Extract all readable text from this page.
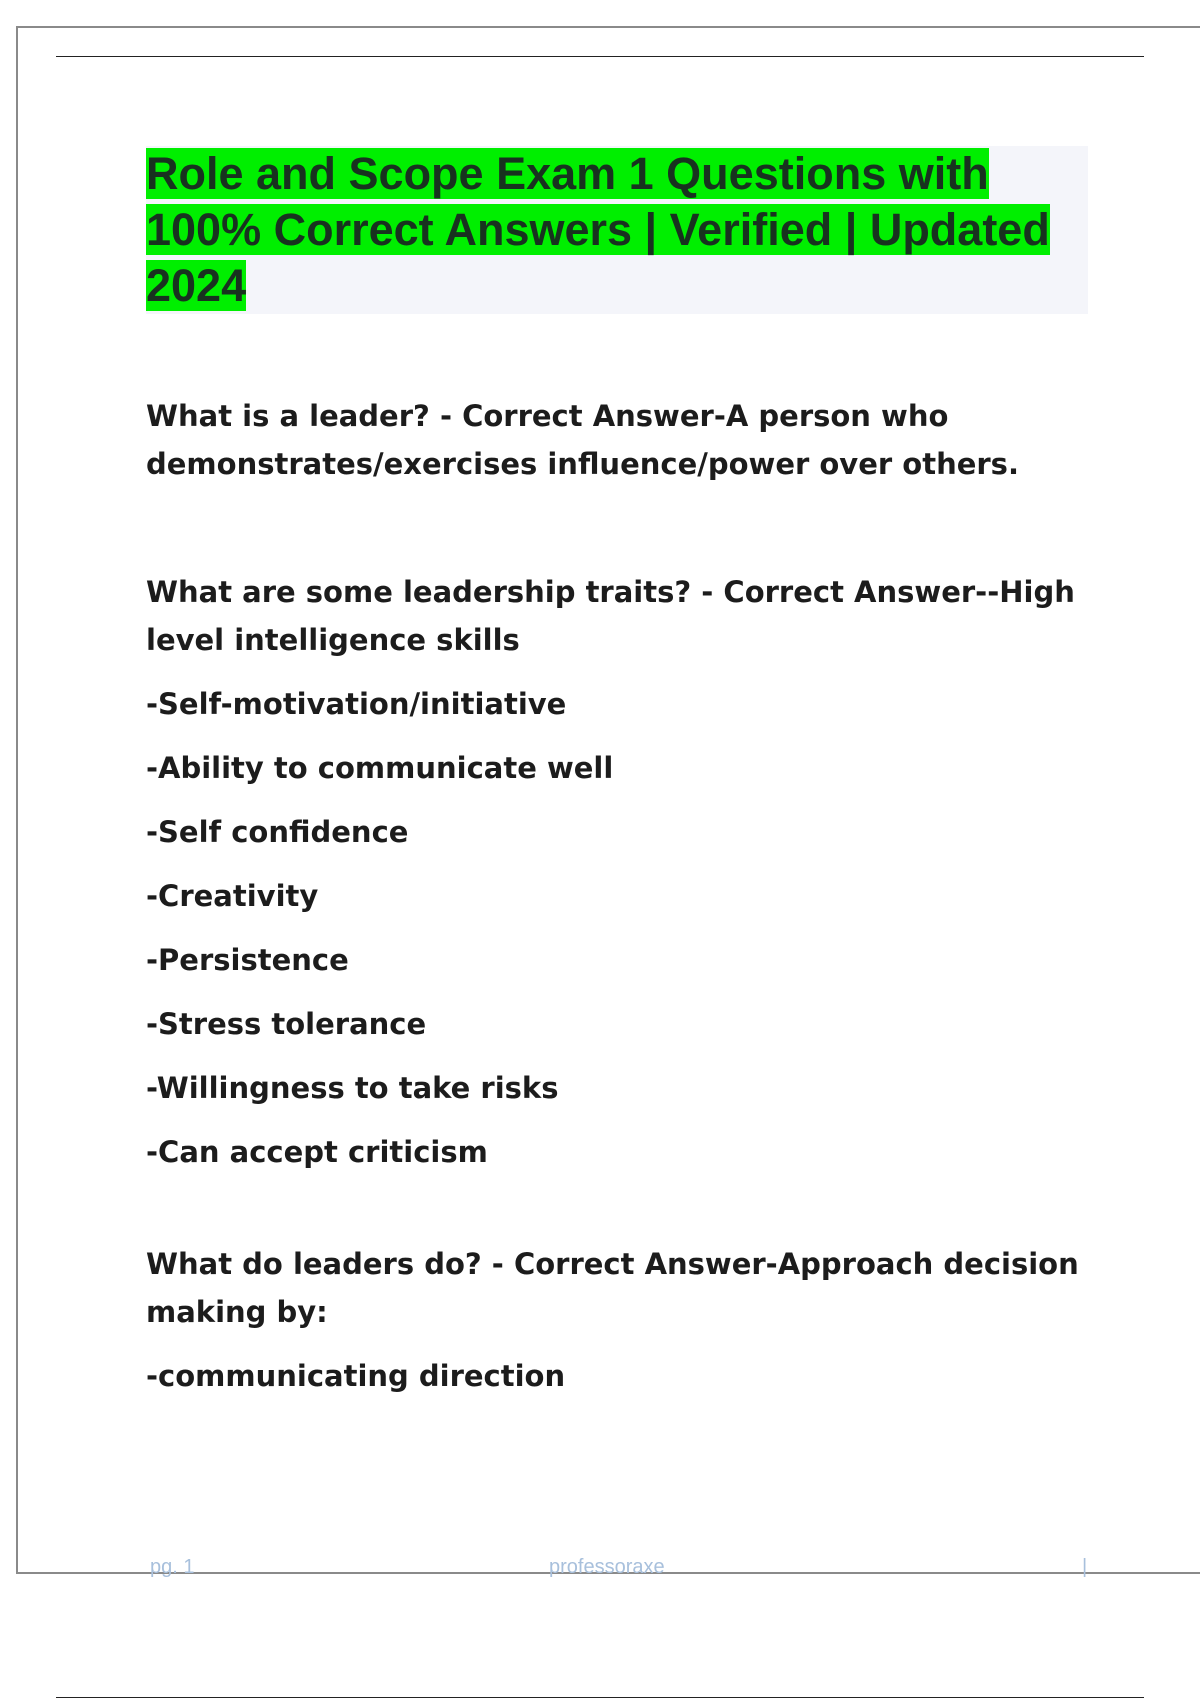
Role and Scope Exam 1 Questions with 100% Correct Answers | Verified | Updated 2024

What is a leader? - Correct Answer-A person who demonstrates/exercises influence/power over others.

What are some leadership traits? - Correct Answer--High level intelligence skills

-Self-motivation/initiative

-Ability to communicate well

-Self confidence

-Creativity

-Persistence

-Stress tolerance

-Willingness to take risks

-Can accept criticism

What do leaders do? - Correct Answer-Approach decision making by:

-communicating direction

pg. 1	professoraxe	|
